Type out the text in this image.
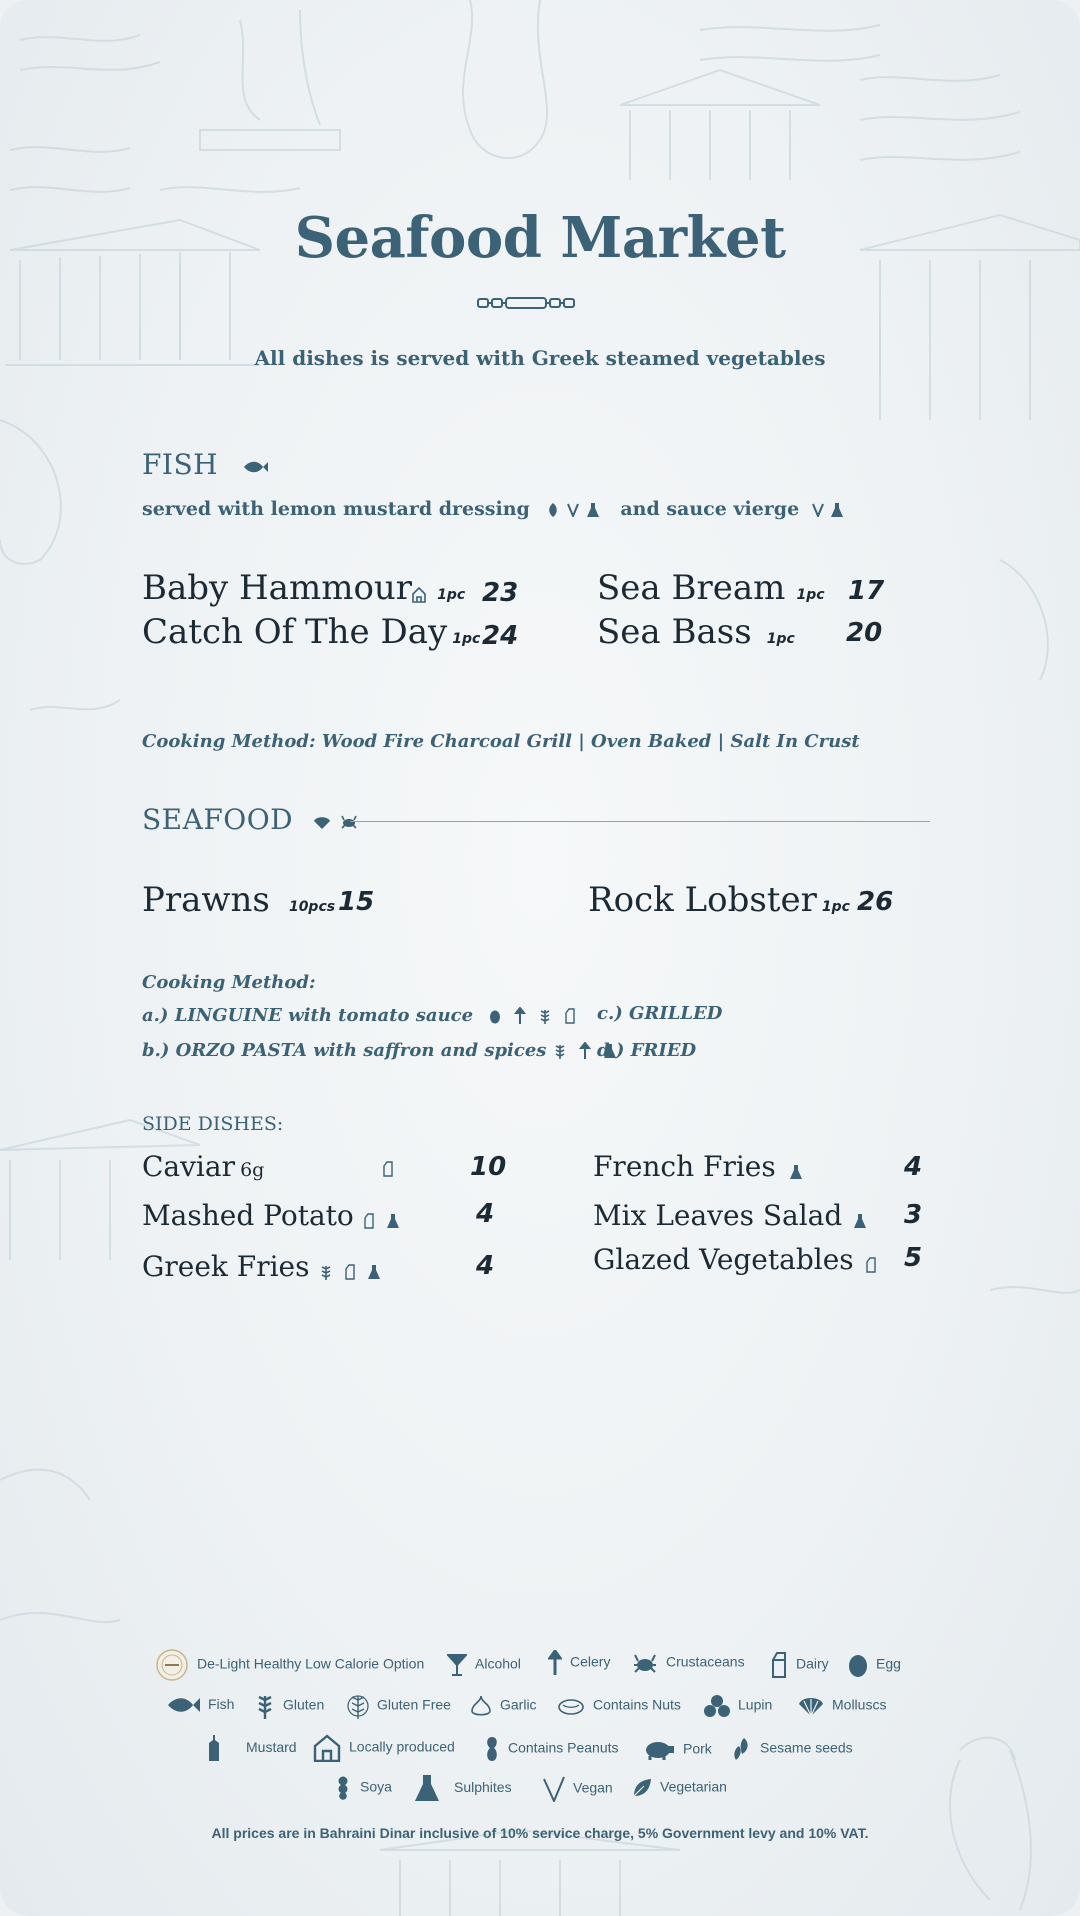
Seafood Market
All dishes is served with Greek steamed vegetables
FISH
served with lemon mustard dressing	and sauce vierge
Baby Hammour 1pc 23
Catch Of The Day 1pc 24
Sea Bream 1pc 17
Sea Bass 1pc 20
Cooking Method: Wood Fire Charcoal Grill | Oven Baked | Salt In Crust
SEAFOOD
Prawns 10pcs 15	Rock Lobster 1pc 26
Cooking Method:
a.) LINGUINE with tomato sauce
b.) ORZO PASTA with saffron and spices
c.) GRILLED
d.) FRIED
SIDE DISHES:
Caviar 6g	10
Mashed Potato	4
Greek Fries	4
French Fries	4
Mix Leaves Salad	3
Glazed Vegetables	5
De-Light Healthy Low Calorie Option	Alcohol	Celery	Crustaceans	Dairy	Egg
Fish	Gluten	Gluten Free	Garlic	Contains Nuts	Lupin	Molluscs
Mustard	Locally produced	Contains Peanuts	Pork	Sesame seeds
Soya	Sulphites	Vegan	Vegetarian
All prices are in Bahraini Dinar inclusive of 10% service charge, 5% Government levy and 10% VAT.
